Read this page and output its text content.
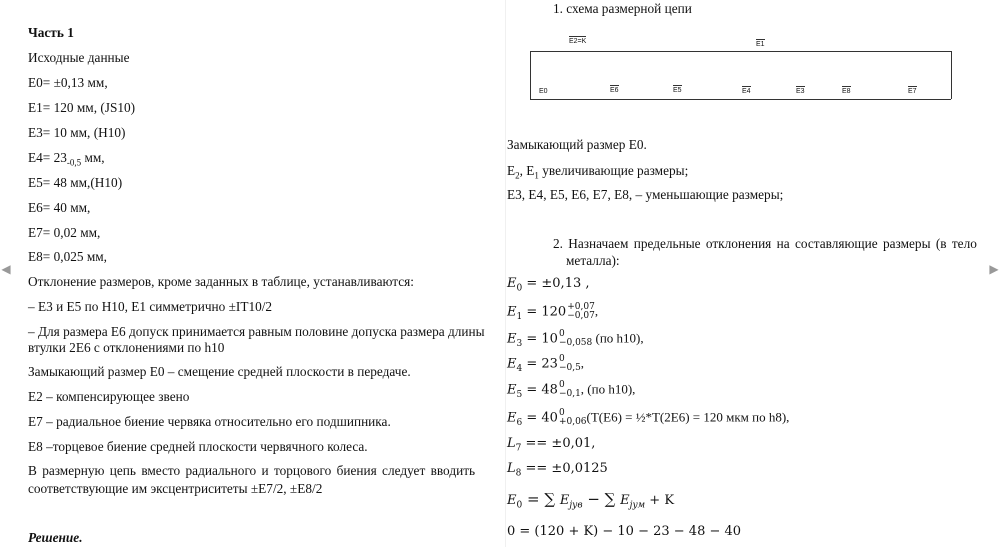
◀	▶
Часть 1
Исходные данные
E0= ±0,13 мм,
E1= 120 мм, (JS10)
E3= 10 мм, (H10)
$E4= 23_{-0,5}$ мм,
E5= 48 мм,(H10)
E6= 40 мм,
E7= 0,02 мм,
E8= 0,025 мм,
Отклонение размеров, кроме заданных в таблице, устанавливаются:
– E3 и E5 по H10, E1 симметрично ±IT10/2
– Для размера E6 допуск принимается равным половине допуска размера длины
втулки 2E6 с отклонениями по h10
Замыкающий размер E0 – смещение средней плоскости в передаче.
E2 – компенсирующее звено
E7 – радиальное биение червяка относительно его подшипника.
E8 –торцевое биение средней плоскости червячного колеса.
В размерную цепь вместо радиального и торцового биения следует вводить
соответствующие им эксцентриситеты ±E7/2, ±E8/2
Решение.
1. схема размерной цепи
E2=K	E1
E0	E6	E5	E4	E3	E8	E7
Замыкающий размер E0.
$E_2$, $E_1$ увеличивающие размеры;
E3, E4, E5, E6, E7, E8, – уменьшающие размеры;
2. Назначаем предельные отклонения на составляющие размеры (в тело
металла):
$E_0 = \pm 0,13$ ,
$E_1 = 120 +0,07$
−0,07 ,
$E_3 = 10$ 0
−0,058 (по h10),
$E_4 = 23$ 0
−0,5 ,
$E_5 = 48$ 0
−0,1 , (по h10),
$E_6 = 40$ 0
+0,06 (T(E6) = ½*T(2E6) = 120 мкм по h8),
$L_7 == \pm 0,01$,
$L_8 == \pm 0,0125$
$E_0$ = ∑ $E_{jув}$ − ∑ $E_{jум} + K$
0 = (120 + K) − 10 − 23 − 48 − 40
